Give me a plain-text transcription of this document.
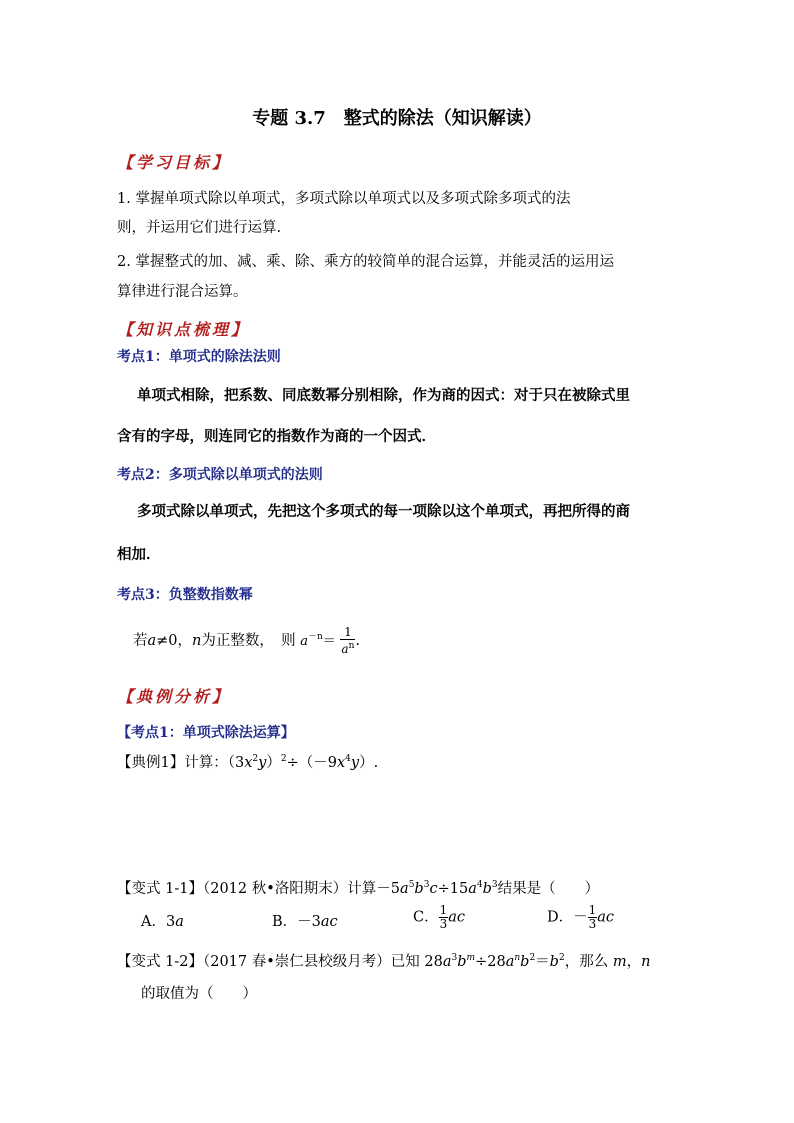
专题 3.7　整式的除法（知识解读）
【学习目标】
1. 掌握单项式除以单项式，多项式除以单项式以及多项式除多项式的法
则，并运用它们进行运算.
2. 掌握整式的加、减、乘、除、乘方的较简单的混合运算，并能灵活的运用运
算律进行混合运算。
【知识点梳理】
考点1：单项式的除法法则
单项式相除，把系数、同底数幂分别相除，作为商的因式：对于只在被除式里
含有的字母，则连同它的指数作为商的一个因式．
考点2：多项式除以单项式的法则
多项式除以单项式，先把这个多项式的每一项除以这个单项式，再把所得的商
相加．
考点3：负整数指数幂
若a≠0，n为正整数，　则 $a^{-n}= \frac{1}{a^n}$ .
【典例分析】
【考点1：单项式除法运算】
【典例1】计算：$(3x^2y)^2\div(-9x^4y)$.
【变式 1-1】（2012 秋•洛阳期末）计算$-5a^5b^3c\div 15a^4b^3$结果是（　　）
A．3a	B．－3ac	C． $\frac{1}{3}$ ac	D．－ $\frac{1}{3}$ ac
【变式 1-2】（2017 春•崇仁县校级月考）已知 $28a^3b^m\div 28a^nb^2=b^2$，那么 m，n
的取值为（　　）
